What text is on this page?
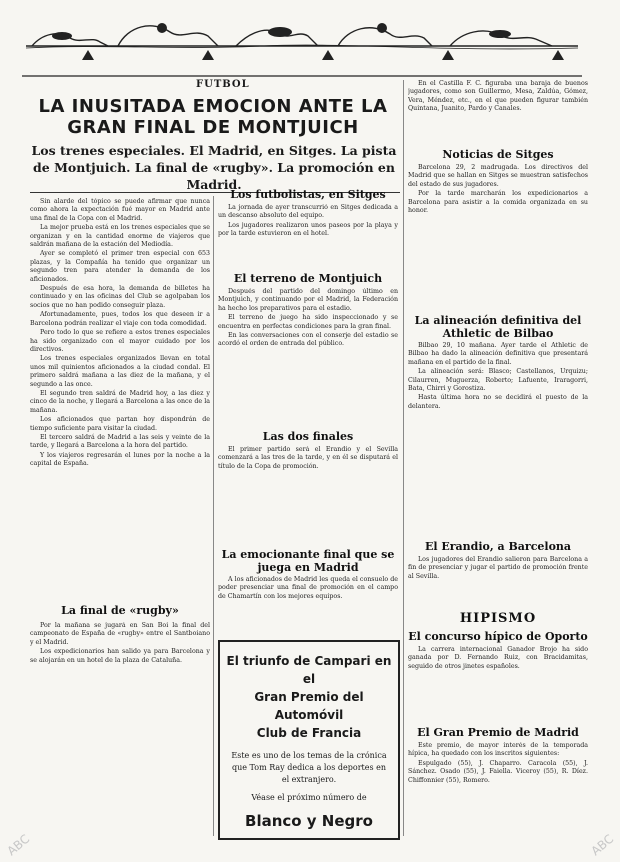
FUTBOL
LA INUSITADA EMOCION ANTE LA GRAN FINAL DE MONTJUICH
Los trenes especiales. El Madrid, en Sitges. La pista de Montjuich. La final de «rugby». La promoción en Madrid.

Sin alarde del tópico se puede afirmar que nunca como ahora la expectación fué mayor en Madrid ante una final de la Copa con el Madrid.

La mejor prueba está en los trenes especiales que se organizan y en la cantidad enorme de viajeros que saldrán mañana de la estación del Mediodía.

Ayer se completó el primer tren especial con 653 plazas, y la Compañía ha tenido que organizar un segundo tren para atender la demanda de los aficionados.

Después de esa hora, la demanda de billetes ha continuado y en las oficinas del Club se agolpaban los socios que no han podido conseguir plaza.

Afortunadamente, pues, todos los que deseen ir a Barcelona podrán realizar el viaje con toda comodidad.

Pero todo lo que se refiere a estos trenes especiales ha sido organizado con el mayor cuidado por los directivos.

Los trenes especiales organizados llevan en total unos mil quinientos aficionados a la ciudad condal. El primero saldrá mañana a las diez de la mañana, y el segundo a las once.

El segundo tren saldrá de Madrid hoy, a las diez y cinco de la noche, y llegará a Barcelona a las once de la mañana.

Los aficionados que partan hoy dispondrán de tiempo suficiente para visitar la ciudad.

El tercero saldrá de Madrid a las seis y veinte de la tarde, y llegará a Barcelona a la hora del partido.

Y los viajeros regresarán el lunes por la noche a la capital de España.

La final de «rugby»

Por la mañana se jugará en San Boi la final del campeonato de España de «rugby» entre el Santboiano y el Madrid.

Los expedicionarios han salido ya para Barcelona y se alojarán en un hotel de la plaza de Cataluña.

Los futbolistas, en Sitges

La jornada de ayer transcurrió en Sitges dedicada a un descanso absoluto del equipo.

Los jugadores realizaron unos paseos por la playa y por la tarde estuvieron en el hotel.

El terreno de Montjuich

Después del partido del domingo último en Montjuich, y continuando por el Madrid, la Federación ha hecho los preparativos para el estadio.

El terreno de juego ha sido inspeccionado y se encuentra en perfectas condiciones para la gran final.

En las conversaciones con el conserje del estadio se acordó el orden de entrada del público.

Las dos finales

El primer partido será el Erandio y el Sevilla comenzará a las tres de la tarde, y en él se disputará el título de la Copa de promoción.

La emocionante final que se juega en Madrid

A los aficionados de Madrid les queda el consuelo de poder presenciar una final de promoción en el campo de Chamartín con los mejores equipos.

El triunfo de Campari en el
Gran Premio del Automóvil
Club de Francia
Este es uno de los temas de la crónica que Tom Ray dedica a los deportes en el extranjero.
Véase el próximo número de
Blanco y Negro

En el Castilla F. C. figuraba una baraja de buenos jugadores, como son Guillermo, Mesa, Zaldúa, Gómez, Vera, Méndez, etc., en el que pueden figurar también Quintana, Juanito, Pardo y Canales.

Noticias de Sitges

Barcelona 29, 2 madrugada. Los directivos del Madrid que se hallan en Sitges se muestran satisfechos del estado de sus jugadores.

Por la tarde marcharán los expedicionarios a Barcelona para asistir a la comida organizada en su honor.

La alineación definitiva del Athletic de Bilbao

Bilbao 29, 10 mañana. Ayer tarde el Athletic de Bilbao ha dado la alineación definitiva que presentará mañana en el partido de la final.

La alineación será: Blasco; Castellanos, Urquizu; Cilaurren, Muguerza, Roberto; Lafuente, Iraragorri, Bata, Chirri y Gorostiza.

Hasta última hora no se decidirá el puesto de la delantera.

El Erandio, a Barcelona

Los jugadores del Erandio salieron para Barcelona a fin de presenciar y jugar el partido de promoción frente al Sevilla.

HIPISMO
El concurso hípico de Oporto

La carrera internacional Ganador Brojo ha sido ganada por D. Fernando Ruiz, con Bracidamitas, seguido de otros jinetes españoles.

El Gran Premio de Madrid

Este premio, de mayor interés de la temporada hípica, ha quedado con los inscritos siguientes:

Espulgado (55), J. Chaparro. Caracola (55), J. Sánchez. Osado (55), J. Faiella. Viceroy (55), R. Díez. Chiffonnier (55), Romero.

ABC	ABC
